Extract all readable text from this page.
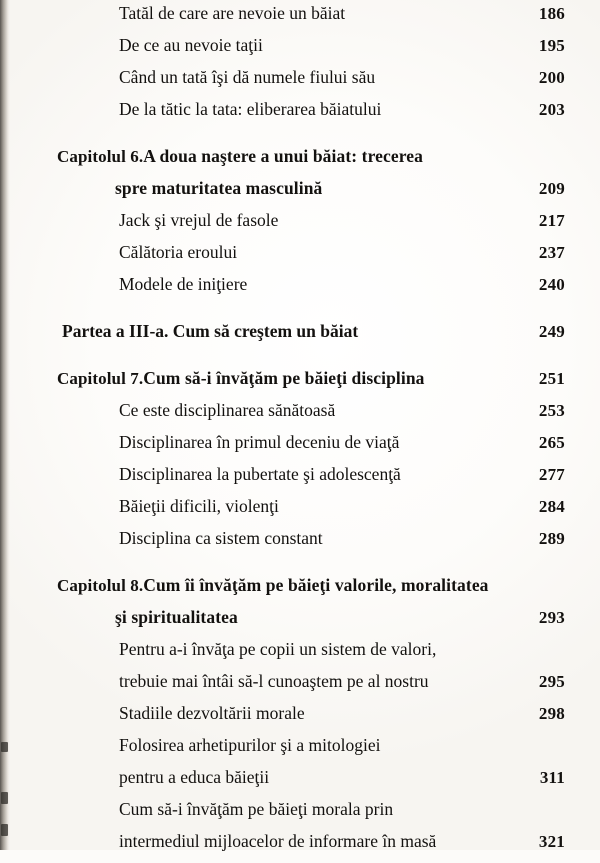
Tatăl de care are nevoie un băiat	186
De ce au nevoie taţii	195
Când un tată îşi dă numele fiului său	200
De la tătic la tata: eliberarea băiatului	203
Capitolul 6. A doua naştere a unui băiat: trecerea
spre maturitatea masculină	209
Jack şi vrejul de fasole	217
Călătoria eroului	237
Modele de iniţiere	240
Partea a III-a. Cum să creştem un băiat	249
Capitolul 7. Cum să-i învăţăm pe băieţi disciplina	251
Ce este disciplinarea sănătoasă	253
Disciplinarea în primul deceniu de viaţă	265
Disciplinarea la pubertate şi adolescenţă	277
Băieţii dificili, violenţi	284
Disciplina ca sistem constant	289
Capitolul 8. Cum îi învăţăm pe băieţi valorile, moralitatea
şi spiritualitatea	293
Pentru a-i învăţa pe copii un sistem de valori,
trebuie mai întâi să-l cunoaştem pe al nostru	295
Stadiile dezvoltării morale	298
Folosirea arhetipurilor şi a mitologiei
pentru a educa băieţii	311
Cum să-i învăţăm pe băieţi morala prin
intermediul mijloacelor de informare în masă	321
